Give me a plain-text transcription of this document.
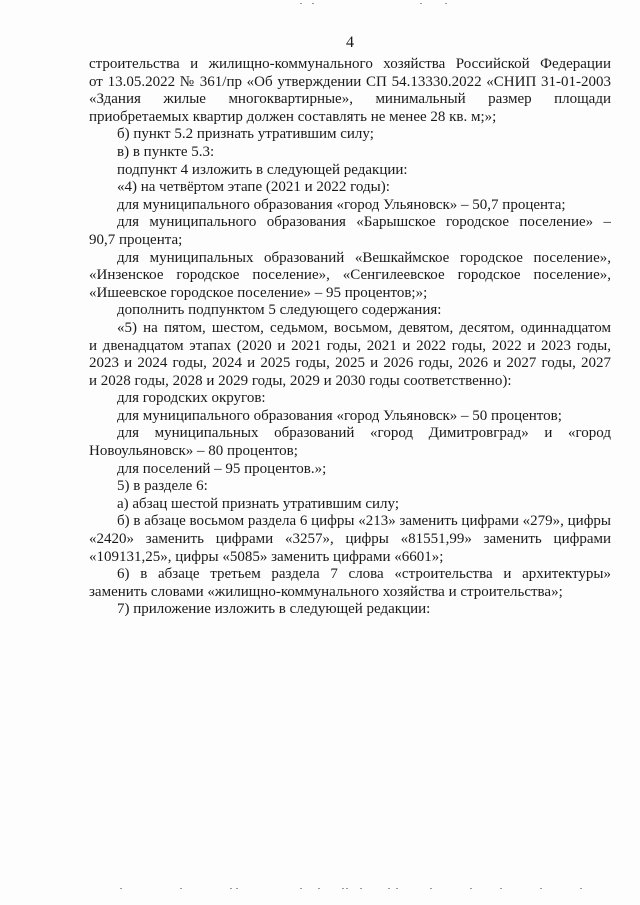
4
строительства и жилищно-коммунального хозяйства Российской Федерации
от 13.05.2022 № 361/пр «Об утверждении СП 54.13330.2022 «СНИП 31-01-2003
«Здания жилые многоквартирные», минимальный размер площади
приобретаемых квартир должен составлять не менее 28 кв. м;»;
б) пункт 5.2 признать утратившим силу;
в) в пункте 5.3:
подпункт 4 изложить в следующей редакции:
«4) на четвёртом этапе (2021 и 2022 годы):
для муниципального образования «город Ульяновск» – 50,7 процента;
для муниципального образования «Барышское городское поселение» –
90,7 процента;
для муниципальных образований «Вешкаймское городское поселение»,
«Инзенское городское поселение», «Сенгилеевское городское поселение»,
«Ишеевское городское поселение» – 95 процентов;»;
дополнить подпунктом 5 следующего содержания:
«5) на пятом, шестом, седьмом, восьмом, девятом, десятом, одиннадцатом
и двенадцатом этапах (2020 и 2021 годы, 2021 и 2022 годы, 2022 и 2023 годы,
2023 и 2024 годы, 2024 и 2025 годы, 2025 и 2026 годы, 2026 и 2027 годы, 2027
и 2028 годы, 2028 и 2029 годы, 2029 и 2030 годы соответственно):
для городских округов:
для муниципального образования «город Ульяновск» – 50 процентов;
для муниципальных образований «город Димитровград» и «город
Новоульяновск» – 80 процентов;
для поселений – 95 процентов.»;
5) в разделе 6:
а) абзац шестой признать утратившим силу;
б) в абзаце восьмом раздела 6 цифры «213» заменить цифрами «279», цифры
«2420» заменить цифрами «3257», цифры «81551,99» заменить цифрами
«109131,25», цифры «5085» заменить цифрами «6601»;
6) в абзаце третьем раздела 7 слова «строительства и архитектуры»
заменить словами «жилищно-коммунального хозяйства и строительства»;
7) приложение изложить в следующей редакции:
